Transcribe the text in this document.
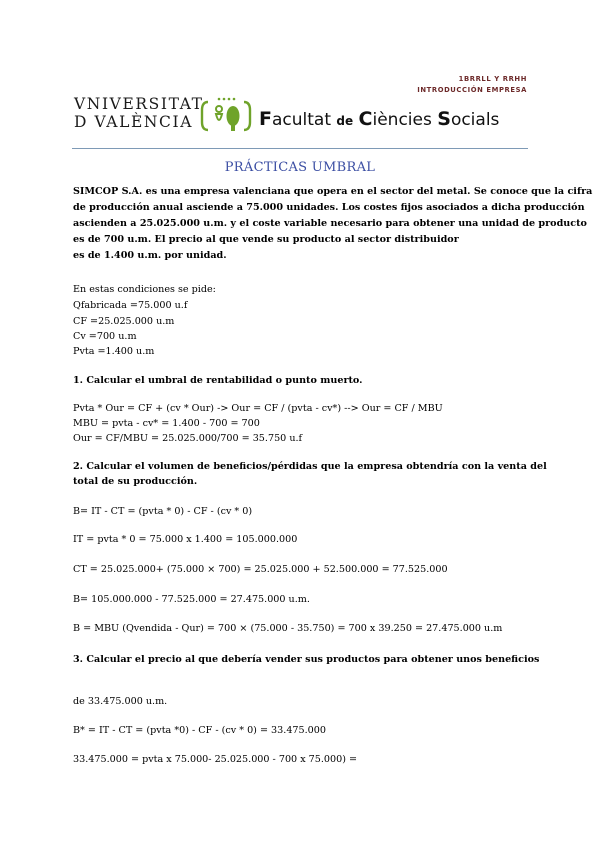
1BRRLL Y RRHH
INTRODUCCIÓN EMPRESA
VNIVERSITAT
D VALÈNCIA	Facultat de Ciències Socials
PRÁCTICAS UMBRAL
SIMCOP S.A. es una empresa valenciana que opera en el sector del metal. Se conoce que la cifra
de producción anual asciende a 75.000 unidades. Los costes fijos asociados a dicha producción
ascienden a 25.025.000 u.m. y el coste variable necesario para obtener una unidad de producto
es de 700 u.m. El precio al que vende su producto al sector distribuidor
es de 1.400 u.m. por unidad.
En estas condiciones se pide:
Qfabricada =75.000 u.f
CF =25.025.000 u.m
Cv =700 u.m
Pvta =1.400 u.m
1. Calcular el umbral de rentabilidad o punto muerto.
Pvta * Our = CF + (cv * Our) -> Our = CF / (pvta - cv*) --> Our = CF / MBU
MBU = pvta - cv* = 1.400 - 700 = 700
Our = CF/MBU = 25.025.000/700 = 35.750 u.f
2. Calcular el volumen de beneficios/pérdidas que la empresa obtendría con la venta del
total de su producción.
B= IT - CT = (pvta * 0) - CF - (cv * 0)
IT = pvta * 0 = 75.000 x 1.400 = 105.000.000
CT = 25.025.000+ (75.000 × 700) = 25.025.000 + 52.500.000 = 77.525.000
B= 105.000.000 - 77.525.000 = 27.475.000 u.m.
B = MBU (Qvendida - Qur) = 700 × (75.000 - 35.750) = 700 x 39.250 = 27.475.000 u.m
3. Calcular el precio al que debería vender sus productos para obtener unos beneficios
de 33.475.000 u.m.
B* = IT - CT = (pvta *0) - CF - (cv * 0) = 33.475.000
33.475.000 = pvta x 75.000- 25.025.000 - 700 x 75.000) =
